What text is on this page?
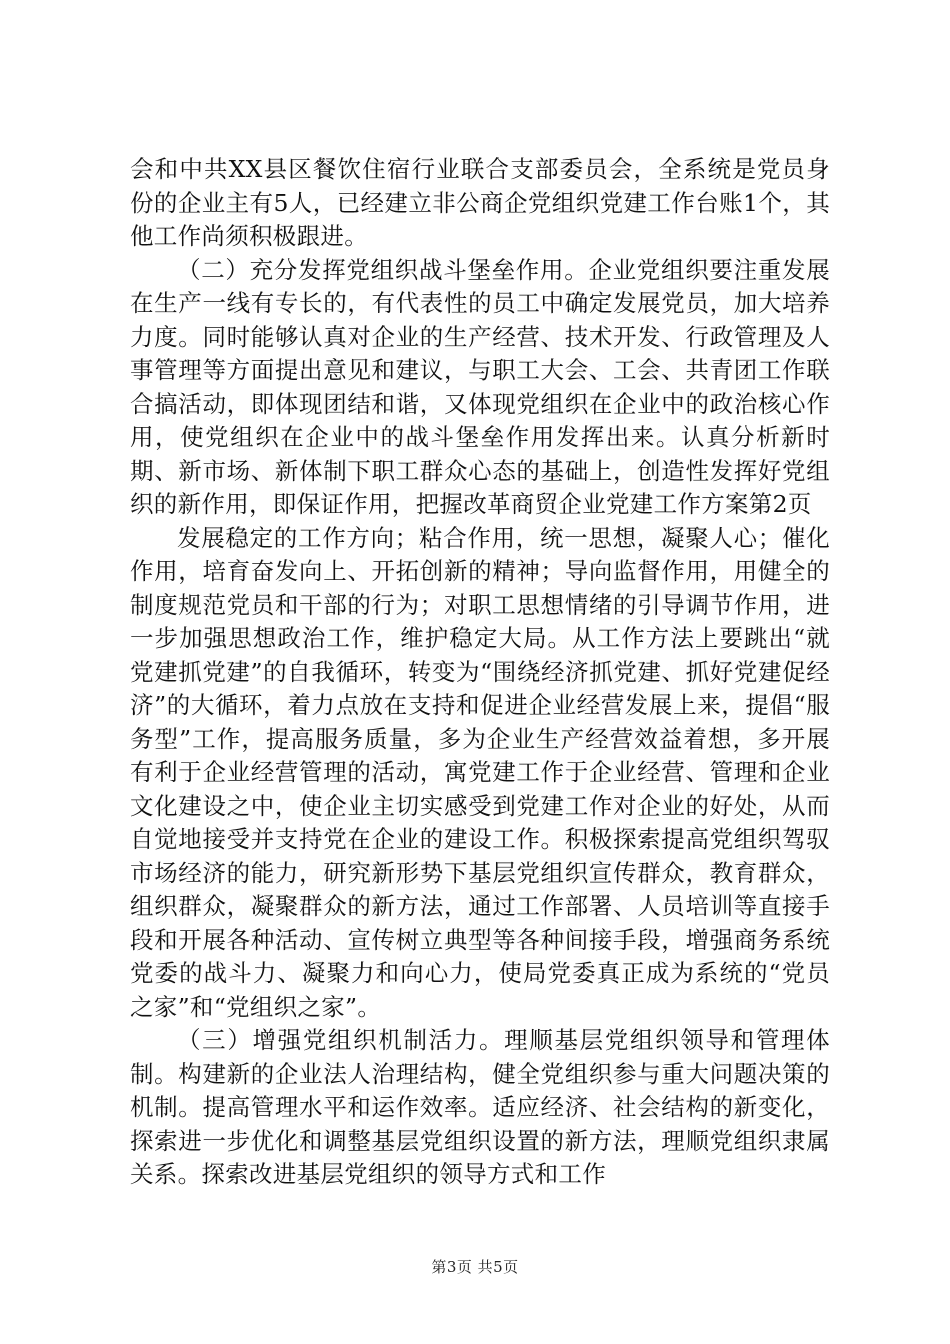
会和中共XX县区餐饮住宿行业联合支部委员会，全系统是党员身份的企业主有5人，已经建立非公商企党组织党建工作台账1个，其他工作尚须积极跟进。

（二）充分发挥党组织战斗堡垒作用。企业党组织要注重发展在生产一线有专长的，有代表性的员工中确定发展党员，加大培养力度。同时能够认真对企业的生产经营、技术开发、行政管理及人事管理等方面提出意见和建议，与职工大会、工会、共青团工作联合搞活动，即体现团结和谐，又体现党组织在企业中的政治核心作用，使党组织在企业中的战斗堡垒作用发挥出来。认真分析新时期、新市场、新体制下职工群众心态的基础上，创造性发挥好党组织的新作用，即保证作用，把握改革商贸企业党建工作方案第2页

发展稳定的工作方向；粘合作用，统一思想，凝聚人心；催化作用，培育奋发向上、开拓创新的精神；导向监督作用，用健全的制度规范党员和干部的行为；对职工思想情绪的引导调节作用，进一步加强思想政治工作，维护稳定大局。从工作方法上要跳出“就党建抓党建”的自我循环，转变为“围绕经济抓党建、抓好党建促经济”的大循环，着力点放在支持和促进企业经营发展上来，提倡“服务型”工作，提高服务质量，多为企业生产经营效益着想，多开展有利于企业经营管理的活动，寓党建工作于企业经营、管理和企业文化建设之中，使企业主切实感受到党建工作对企业的好处，从而自觉地接受并支持党在企业的建设工作。积极探索提高党组织驾驭市场经济的能力，研究新形势下基层党组织宣传群众，教育群众，组织群众，凝聚群众的新方法，通过工作部署、人员培训等直接手段和开展各种活动、宣传树立典型等各种间接手段，增强商务系统党委的战斗力、凝聚力和向心力，使局党委真正成为系统的“党员之家”和“党组织之家”。

（三）增强党组织机制活力。理顺基层党组织领导和管理体制。构建新的企业法人治理结构，健全党组织参与重大问题决策的机制。提高管理水平和运作效率。适应经济、社会结构的新变化，探索进一步优化和调整基层党组织设置的新方法，理顺党组织隶属关系。探索改进基层党组织的领导方式和工作

第3页 共5页
